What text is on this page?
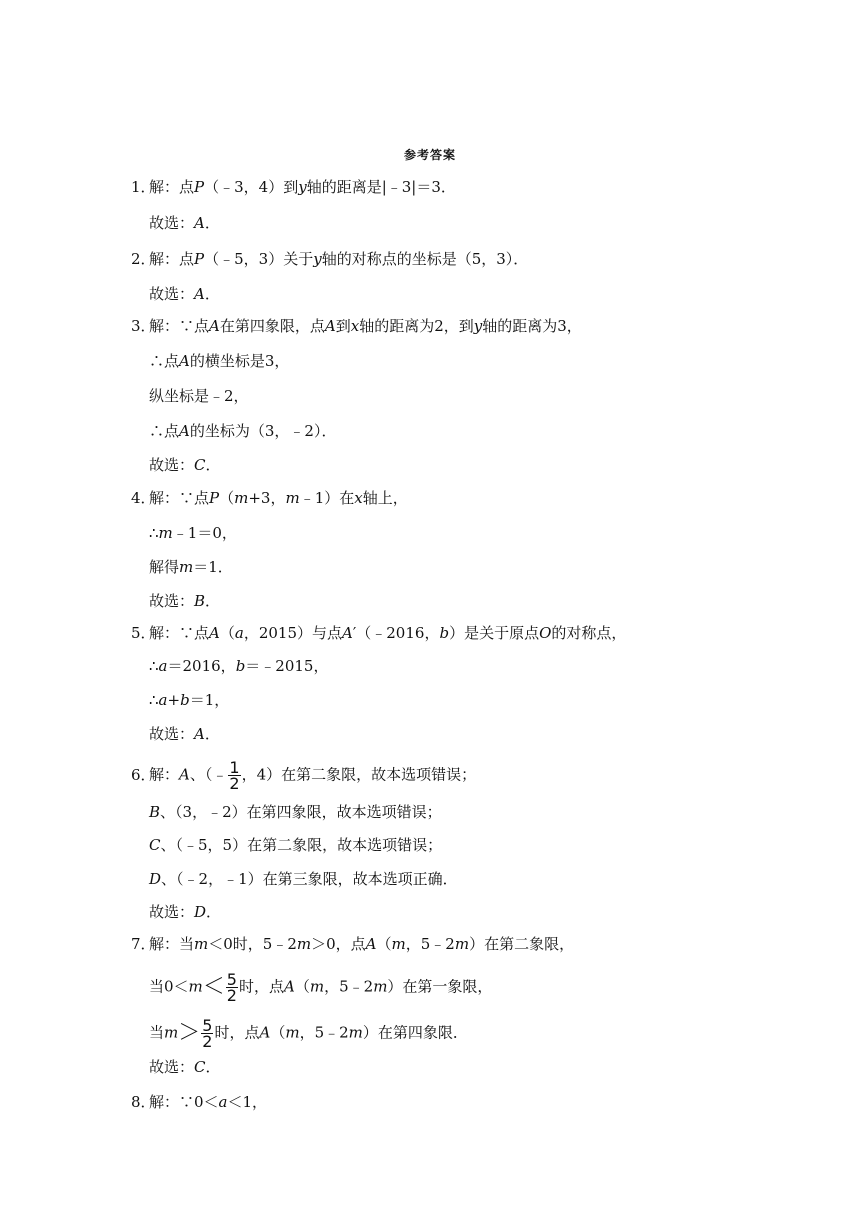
参考答案
1．解：点P（﹣3，4）到y轴的距离是|﹣3|＝3．
故选：A．
2．解：点P（﹣5，3）关于y轴的对称点的坐标是（5，3）．
故选：A．
3．解：∵点A在第四象限，点A到x轴的距离为2，到y轴的距离为3，
∴点A的横坐标是3，
纵坐标是﹣2，
∴点A的坐标为（3，﹣2）．
故选：C．
4．解：∵点P（m+3，m﹣1）在x轴上，
∴m﹣1＝0，
解得m＝1．
故选：B．
5．解：∵点A（a，2015）与点A′（﹣2016，b）是关于原点O的对称点，
∴a＝2016，b＝﹣2015，
∴a+b＝1，
故选：A．
6．解：A、（﹣ $\frac{1}{2}$ ，4）在第二象限，故本选项错误；
B、（3，﹣2）在第四象限，故本选项错误；
C、（﹣5，5）在第二象限，故本选项错误；
D、（﹣2，﹣1）在第三象限，故本选项正确．
故选：D．
7．解：当m＜0时，5﹣2m＞0，点A（m，5﹣2m）在第二象限，
当$0<m< \frac{5}{2}$ 时，点A（m，5﹣2m）在第一象限，
当$m> \frac{5}{2}$ 时，点A（m，5﹣2m）在第四象限．
故选：C．
8．解：∵0＜a＜1，
